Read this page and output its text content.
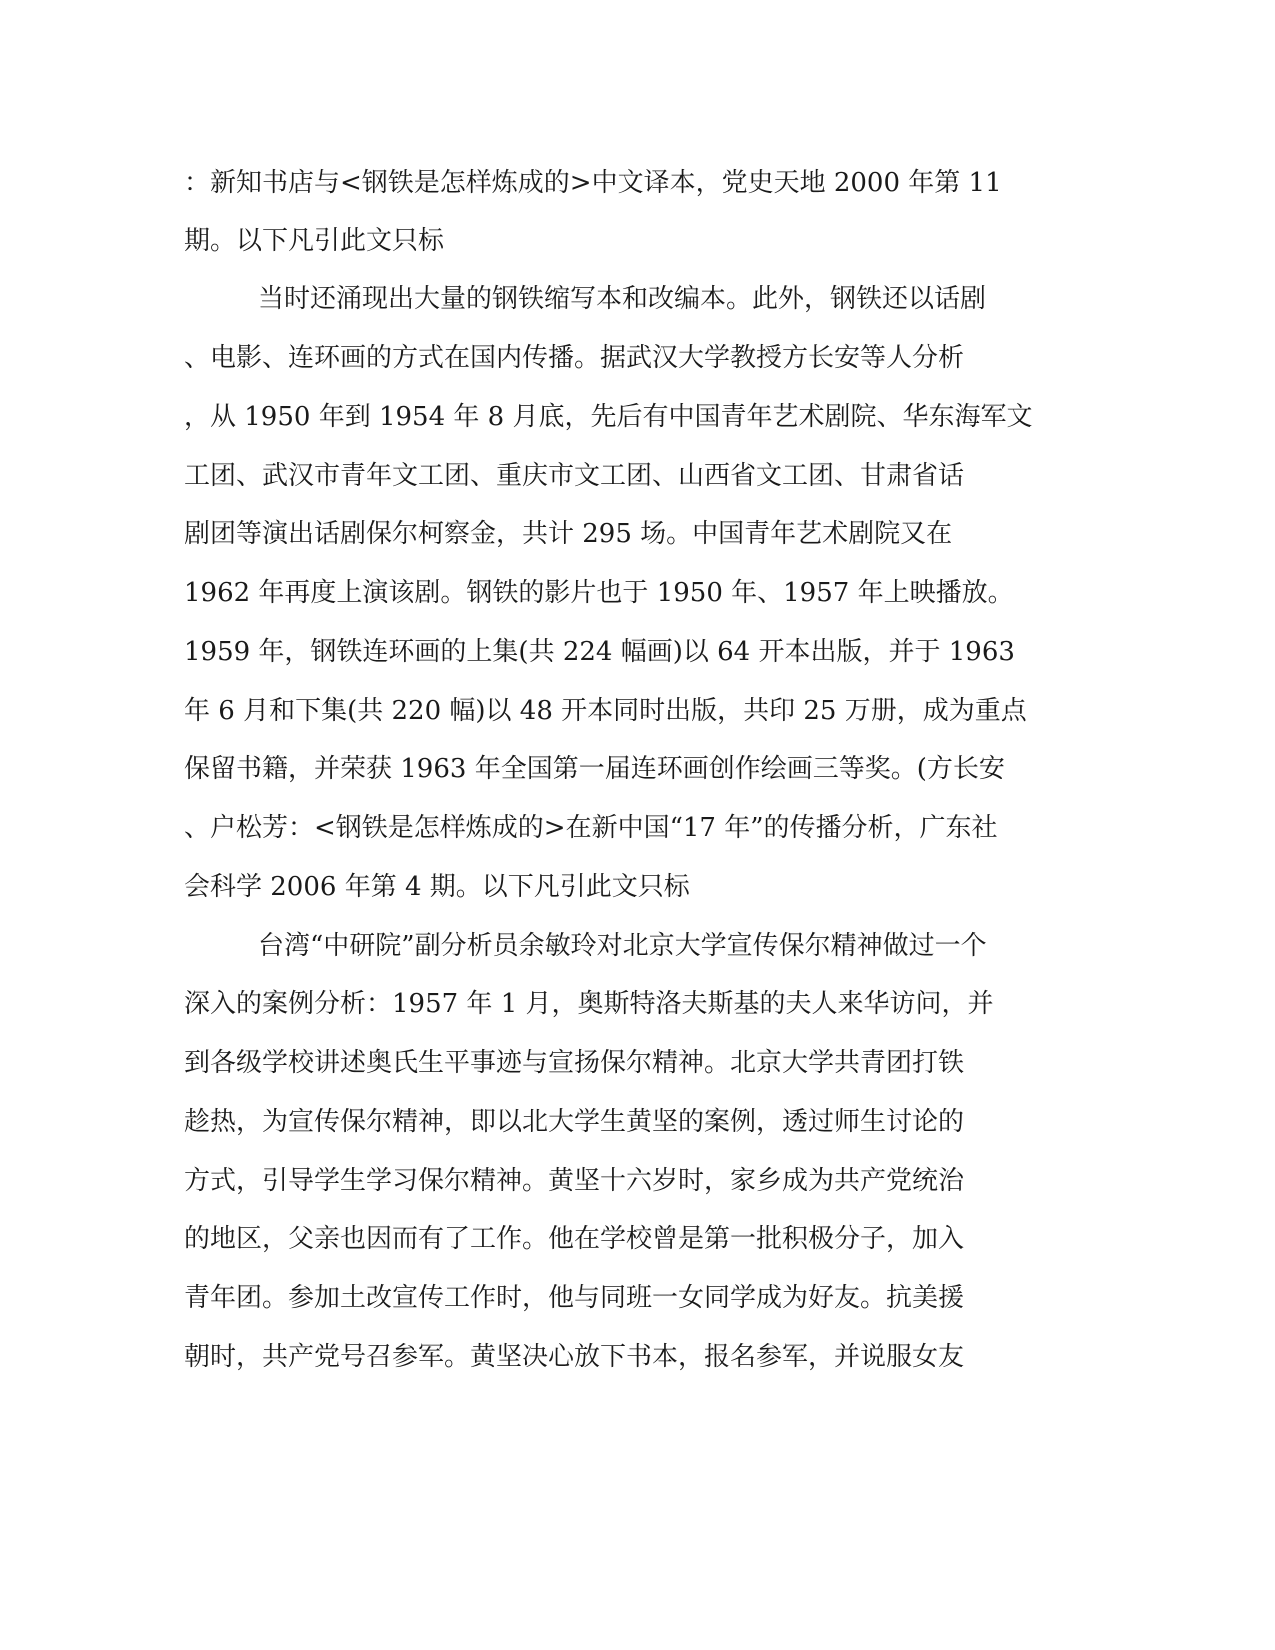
：新知书店与<钢铁是怎样炼成的>中文译本，党史天地 2000 年第 11
期。以下凡引此文只标
当时还涌现出大量的钢铁缩写本和改编本。此外，钢铁还以话剧
、电影、连环画的方式在国内传播。据武汉大学教授方长安等人分析
，从 1950 年到 1954 年 8 月底，先后有中国青年艺术剧院、华东海军文
工团、武汉市青年文工团、重庆市文工团、山西省文工团、甘肃省话
剧团等演出话剧保尔柯察金，共计 295 场。中国青年艺术剧院又在
1962 年再度上演该剧。钢铁的影片也于 1950 年、1957 年上映播放。
1959 年，钢铁连环画的上集(共 224 幅画)以 64 开本出版，并于 1963
年 6 月和下集(共 220 幅)以 48 开本同时出版，共印 25 万册，成为重点
保留书籍，并荣获 1963 年全国第一届连环画创作绘画三等奖。(方长安
、户松芳：<钢铁是怎样炼成的>在新中国“17 年”的传播分析，广东社
会科学 2006 年第 4 期。以下凡引此文只标
台湾“中研院”副分析员余敏玲对北京大学宣传保尔精神做过一个
深入的案例分析：1957 年 1 月，奥斯特洛夫斯基的夫人来华访问，并
到各级学校讲述奥氏生平事迹与宣扬保尔精神。北京大学共青团打铁
趁热，为宣传保尔精神，即以北大学生黄坚的案例，透过师生讨论的
方式，引导学生学习保尔精神。黄坚十六岁时，家乡成为共产党统治
的地区，父亲也因而有了工作。他在学校曾是第一批积极分子，加入
青年团。参加土改宣传工作时，他与同班一女同学成为好友。抗美援
朝时，共产党号召参军。黄坚决心放下书本，报名参军，并说服女友
